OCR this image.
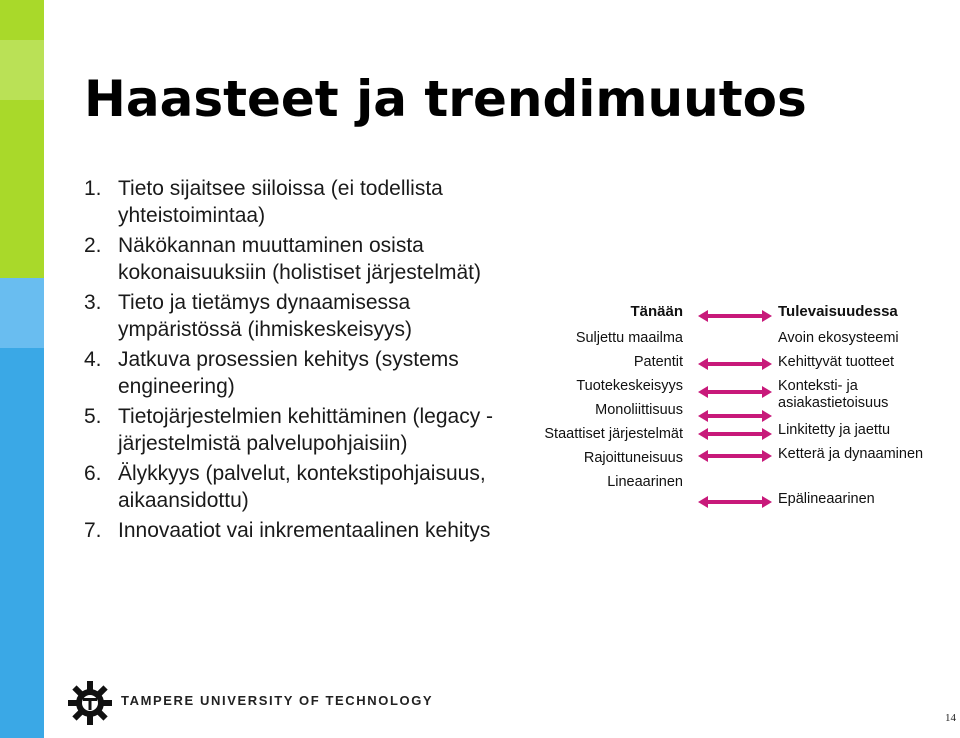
Haasteet ja trendimuutos
1. Tieto sijaitsee siiloissa (ei todellista yhteistoimintaa)
2. Näkökannan muuttaminen osista kokonaisuuksiin (holistiset järjestelmät)
3. Tieto ja tietämys dynaamisessa ympäristössä (ihmiskeskeisyys)
4. Jatkuva prosessien kehitys (systems engineering)
5. Tietojärjestelmien kehittäminen (legacy - järjestelmistä palvelupohjaisiin)
6. Älykkyys (palvelut, kontekstipohjaisuus, aikaansidottu)
7. Innovaatiot vai inkrementaalinen kehitys
Tänään
Suljettu maailma
Patentit
Tuotekeskeisyys
Monoliittisuus
Staattiset järjestelmät
Rajoittuneisuus
Lineaarinen
Tulevaisuudessa
Avoin ekosysteemi
Kehittyvät tuotteet
Konteksti- ja asiakastietoisuus
Linkitetty ja jaettu
Ketterä ja dynaaminen
Epälineaarinen
TAMPERE UNIVERSITY OF TECHNOLOGY
14
